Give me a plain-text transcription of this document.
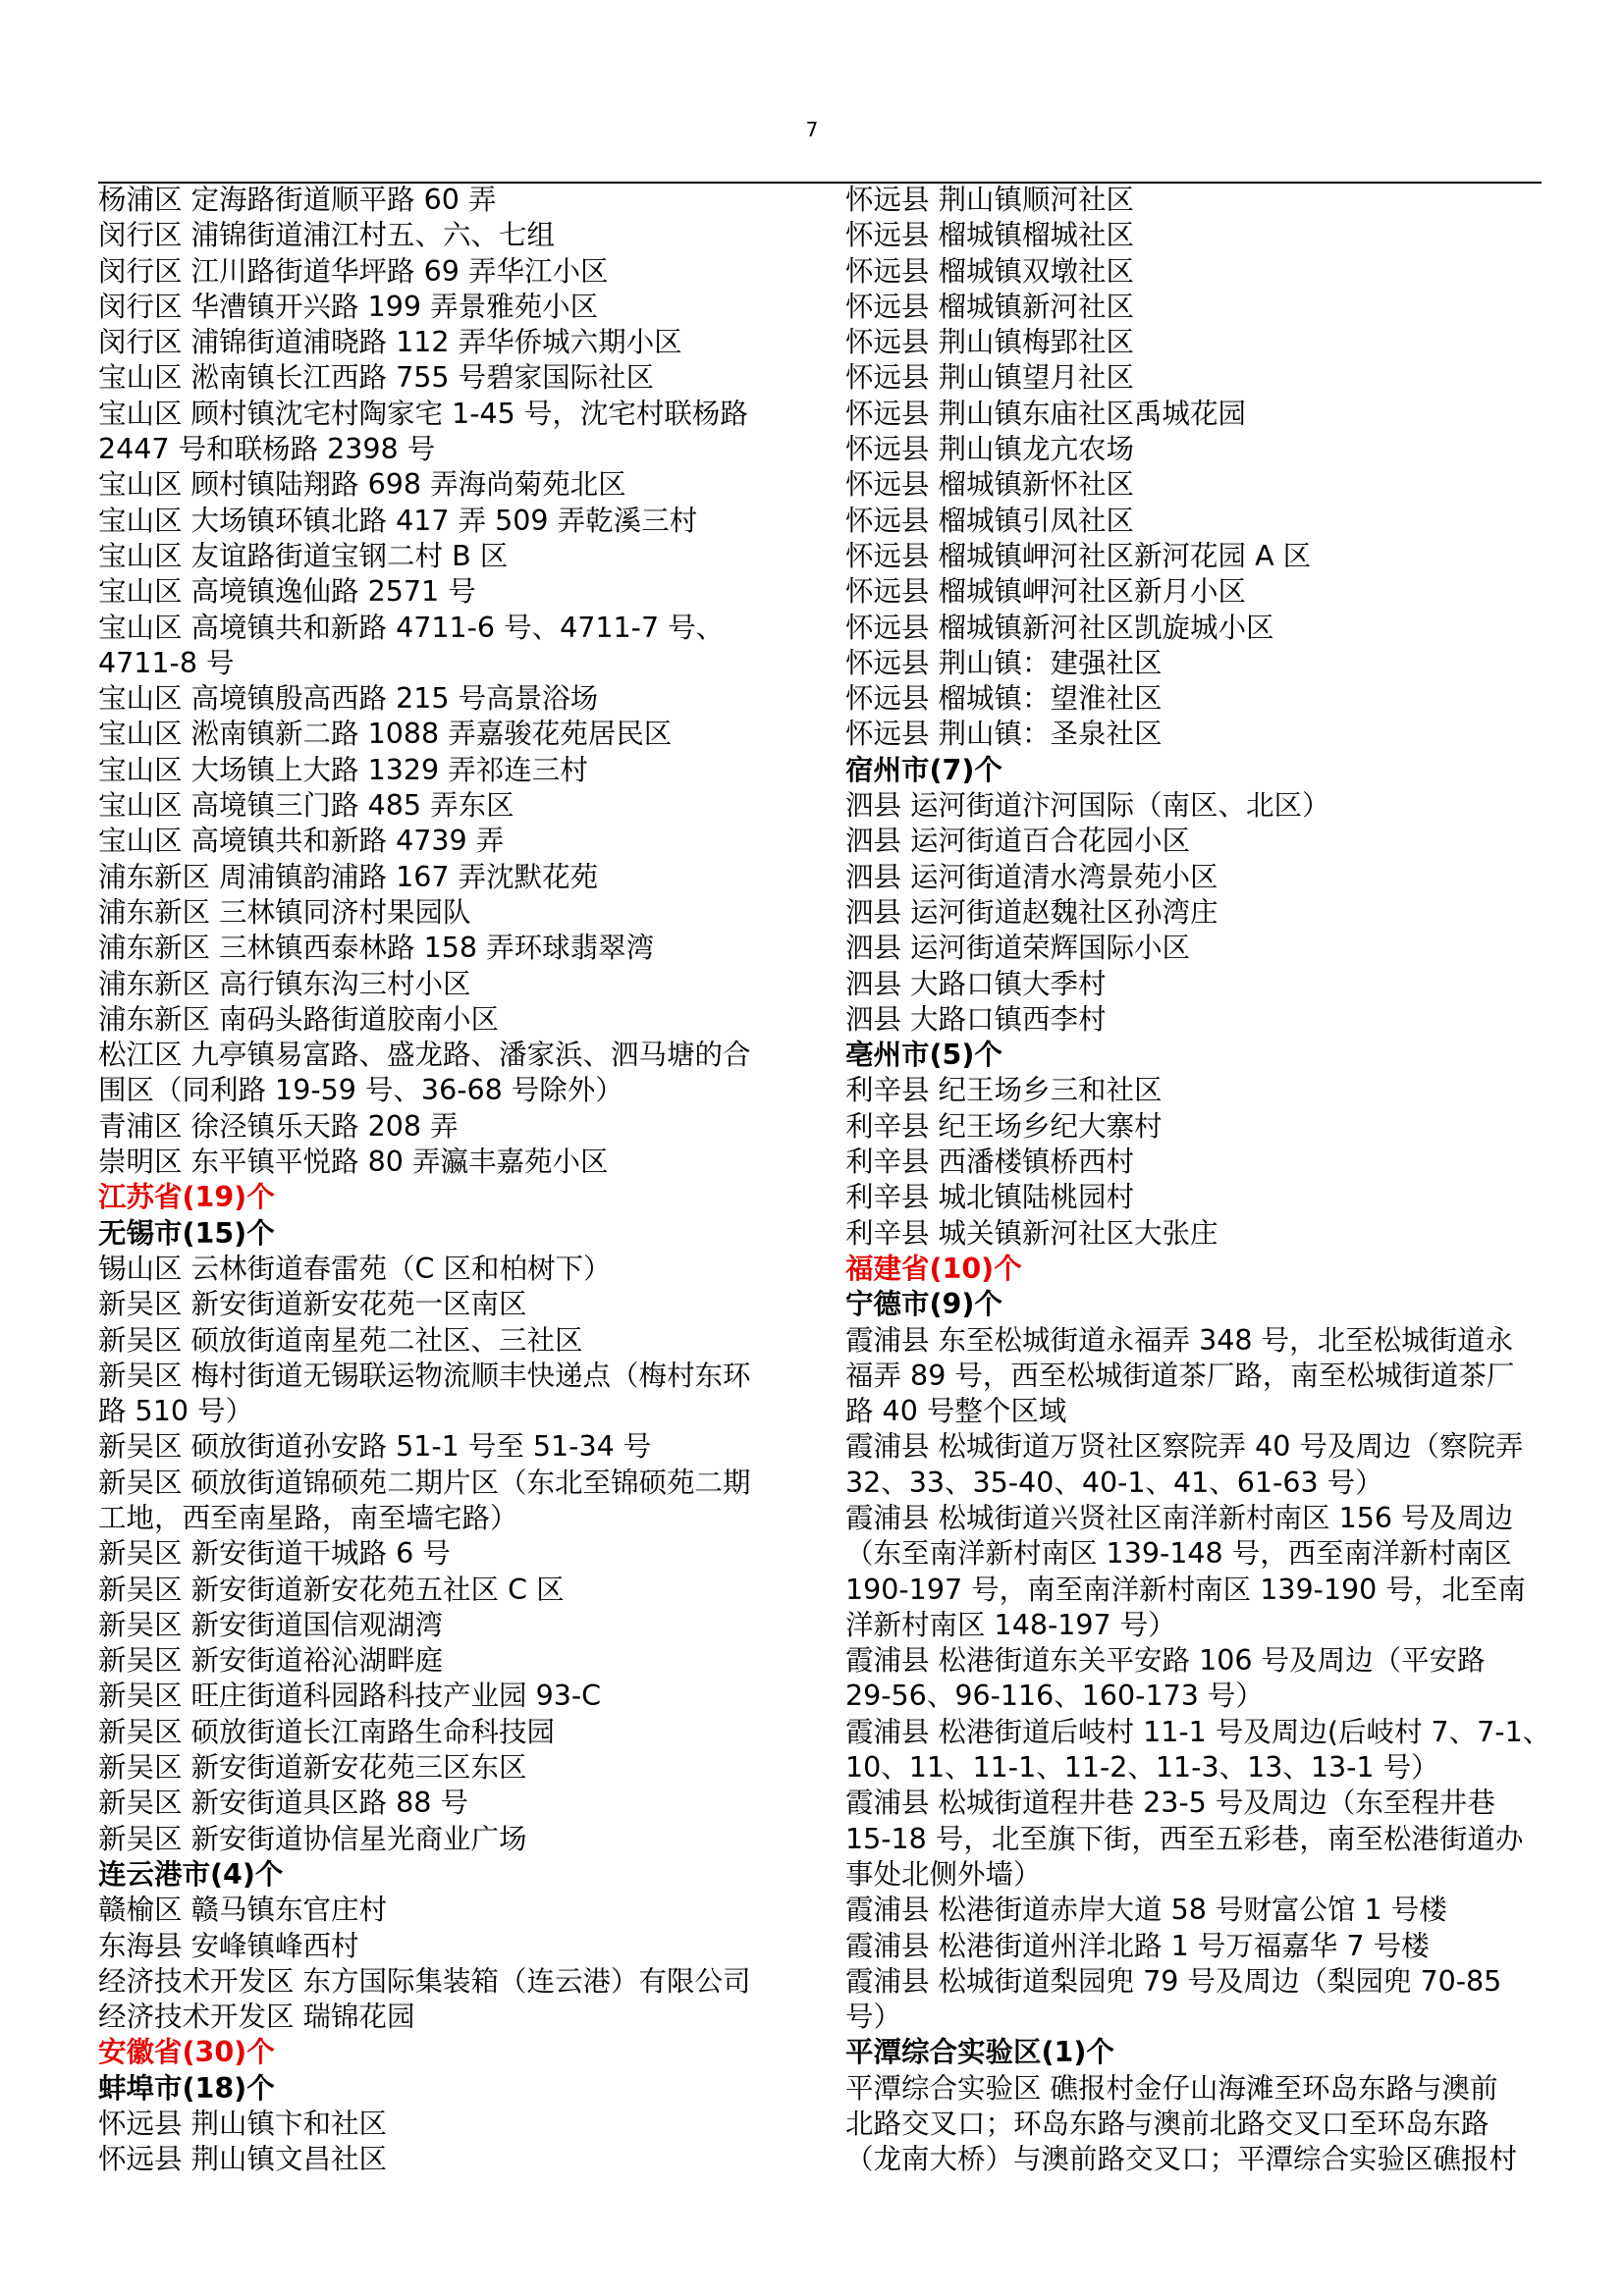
7
杨浦区 定海路街道顺平路 60 弄
闵行区 浦锦街道浦江村五、六、七组
闵行区 江川路街道华坪路 69 弄华江小区
闵行区 华漕镇开兴路 199 弄景雅苑小区
闵行区 浦锦街道浦晓路 112 弄华侨城六期小区
宝山区 淞南镇长江西路 755 号碧家国际社区
宝山区 顾村镇沈宅村陶家宅 1-45 号，沈宅村联杨路
2447 号和联杨路 2398 号
宝山区 顾村镇陆翔路 698 弄海尚菊苑北区
宝山区 大场镇环镇北路 417 弄 509 弄乾溪三村
宝山区 友谊路街道宝钢二村 B 区
宝山区 高境镇逸仙路 2571 号
宝山区 高境镇共和新路 4711-6 号、4711-7 号、
4711-8 号
宝山区 高境镇殷高西路 215 号高景浴场
宝山区 淞南镇新二路 1088 弄嘉骏花苑居民区
宝山区 大场镇上大路 1329 弄祁连三村
宝山区 高境镇三门路 485 弄东区
宝山区 高境镇共和新路 4739 弄
浦东新区 周浦镇韵浦路 167 弄沈默花苑
浦东新区 三林镇同济村果园队
浦东新区 三林镇西泰林路 158 弄环球翡翠湾
浦东新区 高行镇东沟三村小区
浦东新区 南码头路街道胶南小区
松江区 九亭镇易富路、盛龙路、潘家浜、泗马塘的合
围区（同利路 19-59 号、36-68 号除外）
青浦区 徐泾镇乐天路 208 弄
崇明区 东平镇平悦路 80 弄瀛丰嘉苑小区
江苏省(19)个
无锡市(15)个
锡山区 云林街道春雷苑（C 区和柏树下）
新吴区 新安街道新安花苑一区南区
新吴区 硕放街道南星苑二社区、三社区
新吴区 梅村街道无锡联运物流顺丰快递点（梅村东环
路 510 号）
新吴区 硕放街道孙安路 51-1 号至 51-34 号
新吴区 硕放街道锦硕苑二期片区（东北至锦硕苑二期
工地，西至南星路，南至墙宅路）
新吴区 新安街道干城路 6 号
新吴区 新安街道新安花苑五社区 C 区
新吴区 新安街道国信观湖湾
新吴区 新安街道裕沁湖畔庭
新吴区 旺庄街道科园路科技产业园 93-C
新吴区 硕放街道长江南路生命科技园
新吴区 新安街道新安花苑三区东区
新吴区 新安街道具区路 88 号
新吴区 新安街道协信星光商业广场
连云港市(4)个
赣榆区 赣马镇东官庄村
东海县 安峰镇峰西村
经济技术开发区 东方国际集装箱（连云港）有限公司
经济技术开发区 瑞锦花园
安徽省(30)个
蚌埠市(18)个
怀远县 荆山镇卞和社区
怀远县 荆山镇文昌社区
怀远县 荆山镇顺河社区
怀远县 榴城镇榴城社区
怀远县 榴城镇双墩社区
怀远县 榴城镇新河社区
怀远县 荆山镇梅郢社区
怀远县 荆山镇望月社区
怀远县 荆山镇东庙社区禹城花园
怀远县 荆山镇龙亢农场
怀远县 榴城镇新怀社区
怀远县 榴城镇引凤社区
怀远县 榴城镇岬河社区新河花园 A 区
怀远县 榴城镇岬河社区新月小区
怀远县 榴城镇新河社区凯旋城小区
怀远县 荆山镇：建强社区
怀远县 榴城镇：望淮社区
怀远县 荆山镇：圣泉社区
宿州市(7)个
泗县 运河街道汴河国际（南区、北区）
泗县 运河街道百合花园小区
泗县 运河街道清水湾景苑小区
泗县 运河街道赵魏社区孙湾庄
泗县 运河街道荣辉国际小区
泗县 大路口镇大季村
泗县 大路口镇西李村
亳州市(5)个
利辛县 纪王场乡三和社区
利辛县 纪王场乡纪大寨村
利辛县 西潘楼镇桥西村
利辛县 城北镇陆桃园村
利辛县 城关镇新河社区大张庄
福建省(10)个
宁德市(9)个
霞浦县 东至松城街道永福弄 348 号，北至松城街道永
福弄 89 号，西至松城街道茶厂路，南至松城街道茶厂
路 40 号整个区域
霞浦县 松城街道万贤社区察院弄 40 号及周边（察院弄
32、33、35-40、40-1、41、61-63 号）
霞浦县 松城街道兴贤社区南洋新村南区 156 号及周边
（东至南洋新村南区 139-148 号，西至南洋新村南区
190-197 号，南至南洋新村南区 139-190 号，北至南
洋新村南区 148-197 号）
霞浦县 松港街道东关平安路 106 号及周边（平安路
29-56、96-116、160-173 号）
霞浦县 松港街道后岐村 11-1 号及周边(后岐村 7、7-1、
10、11、11-1、11-2、11-3、13、13-1 号）
霞浦县 松城街道程井巷 23-5 号及周边（东至程井巷
15-18 号，北至旗下街，西至五彩巷，南至松港街道办
事处北侧外墙）
霞浦县 松港街道赤岸大道 58 号财富公馆 1 号楼
霞浦县 松港街道州洋北路 1 号万福嘉华 7 号楼
霞浦县 松城街道梨园兜 79 号及周边（梨园兜 70-85
号）
平潭综合实验区(1)个
平潭综合实验区 礁报村金仔山海滩至环岛东路与澳前
北路交叉口；环岛东路与澳前北路交叉口至环岛东路
（龙南大桥）与澳前路交叉口；平潭综合实验区礁报村
